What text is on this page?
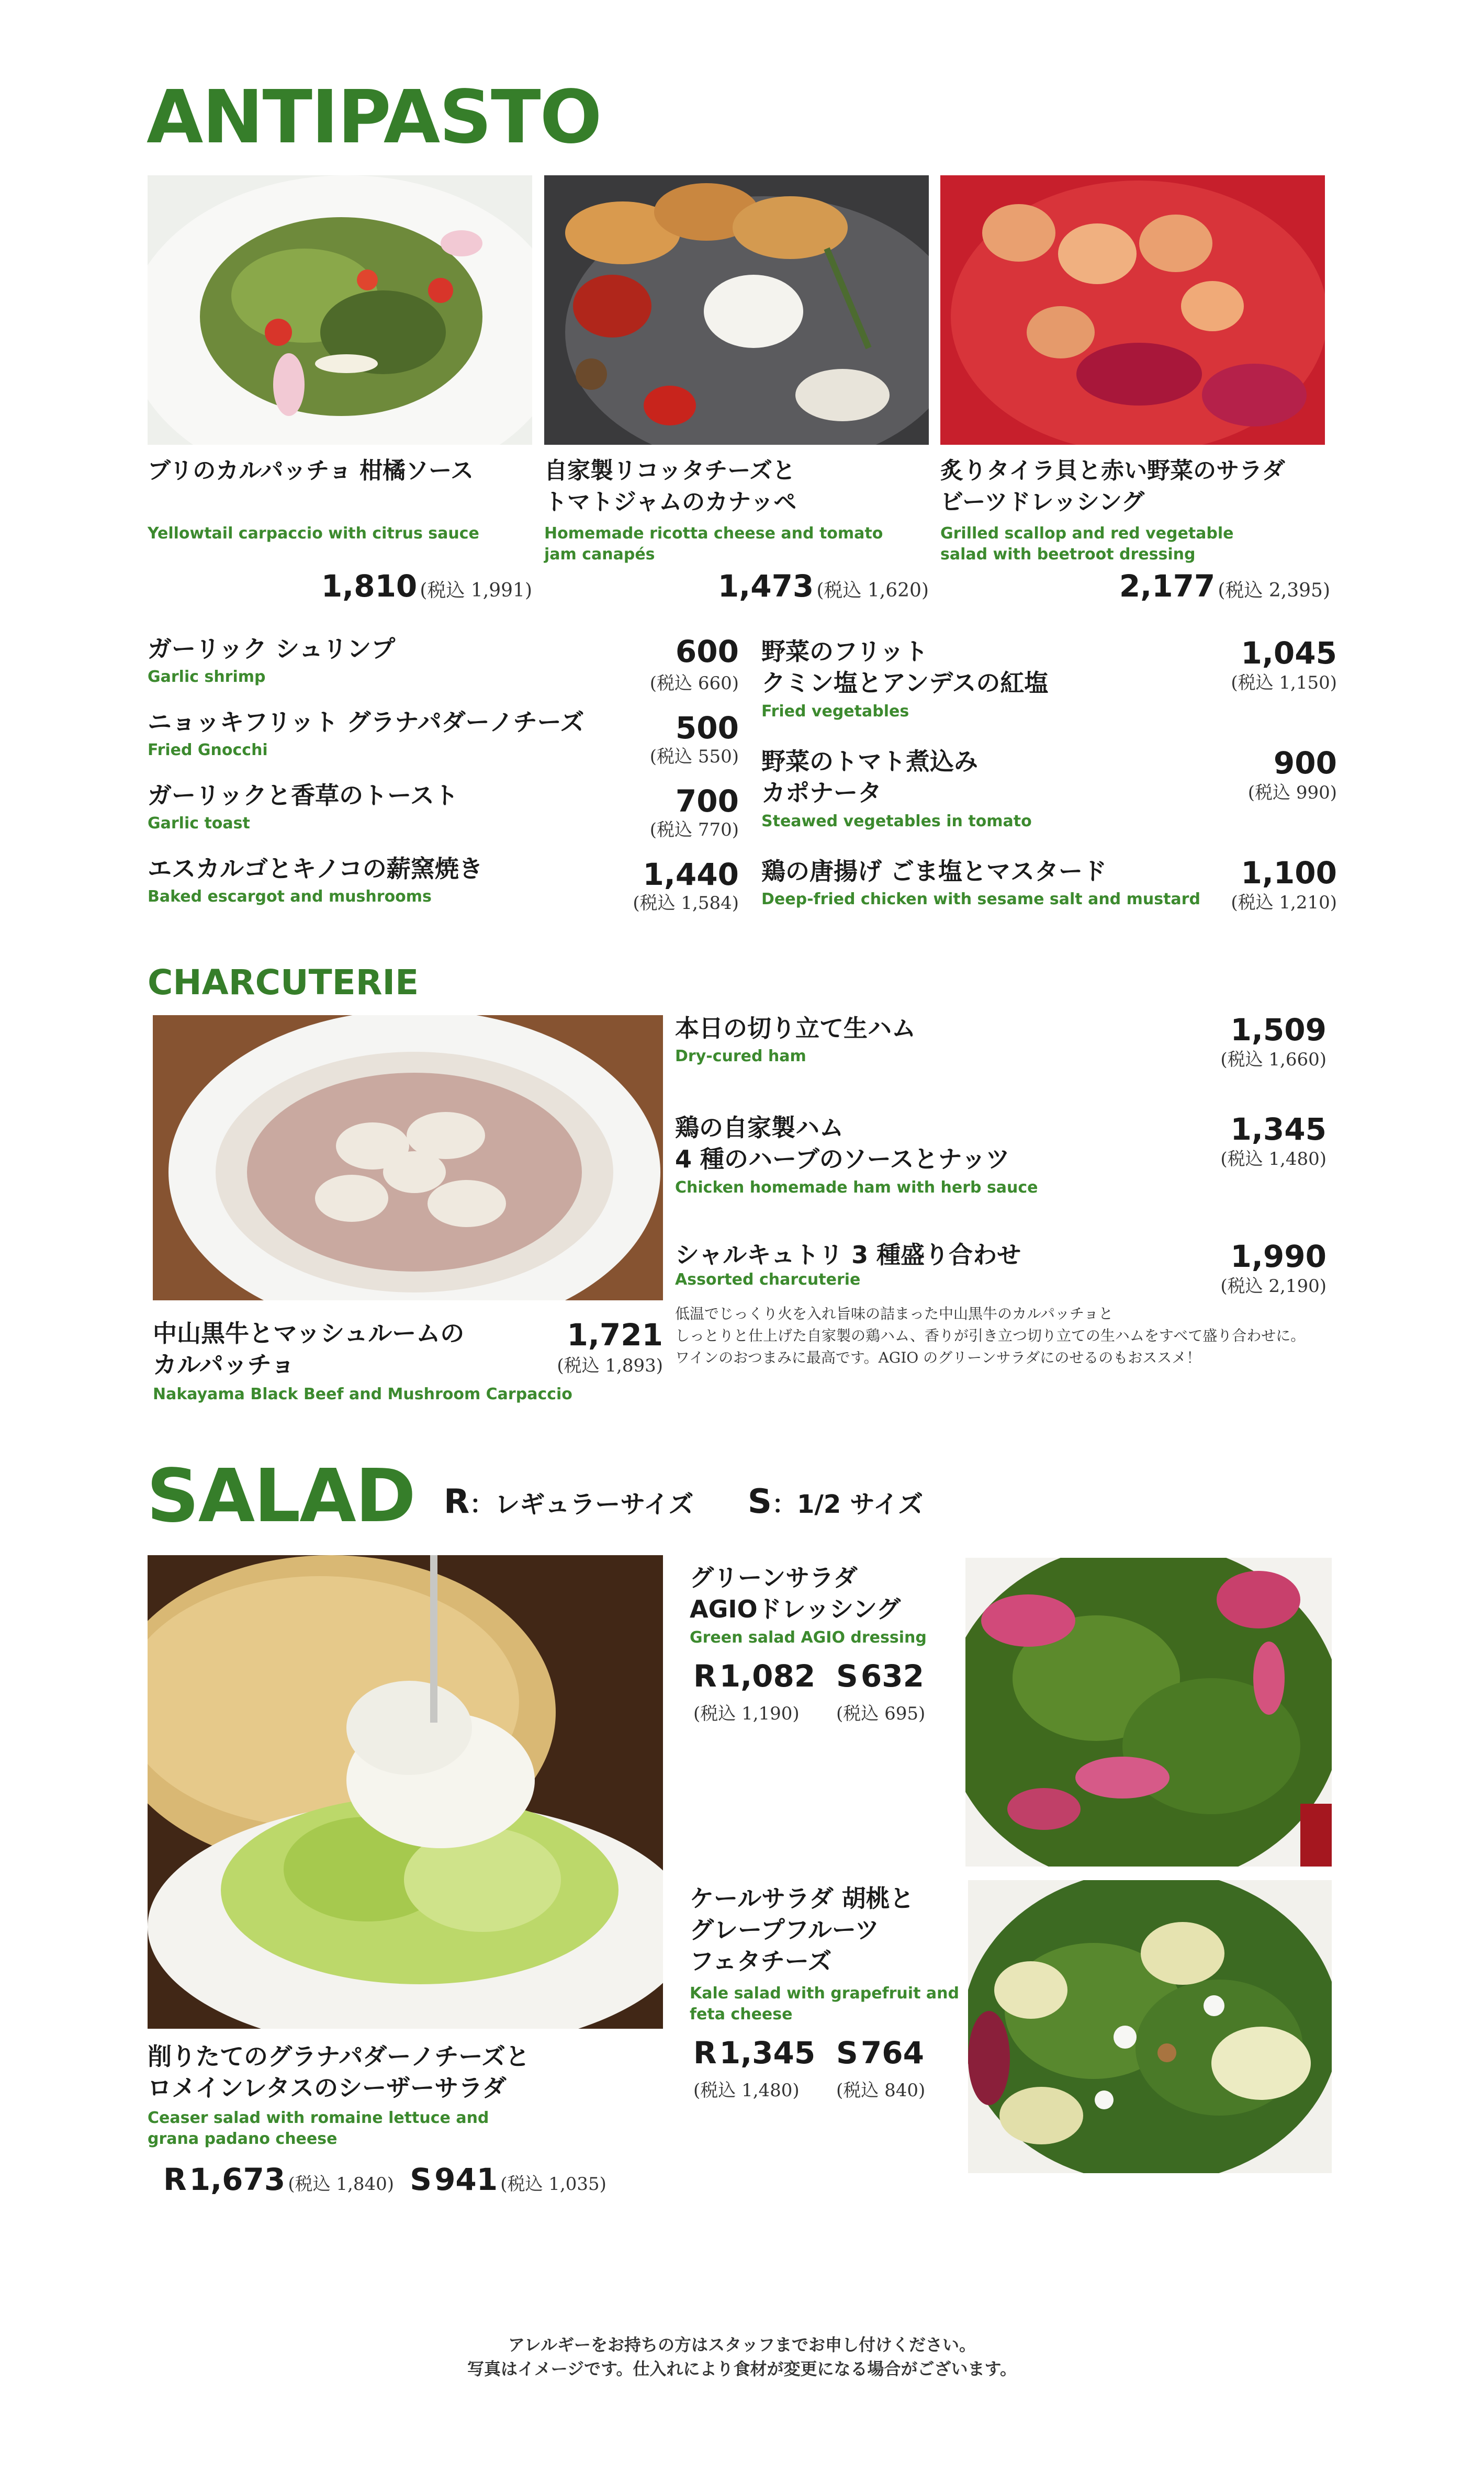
ANTIPASTO
ブリのカルパッチョ 柑橘ソース
Yellowtail carpaccio with citrus sauce
1,810 (税込 1,991)
自家製リコッタチーズと
トマトジャムのカナッペ
Homemade ricotta cheese and tomato
jam canapés
1,473 (税込 1,620)
炙りタイラ貝と赤い野菜のサラダ
ビーツドレッシング
Grilled scallop and red vegetable
salad with beetroot dressing
2,177 (税込 2,395)
ガーリック シュリンプ
Garlic shrimp
600
(税込 660)
ニョッキフリット グラナパダーノチーズ
Fried Gnocchi
500
(税込 550)
ガーリックと香草のトースト
Garlic toast
700
(税込 770)
エスカルゴとキノコの薪窯焼き
Baked escargot and mushrooms
1,440
(税込 1,584)
野菜のフリット
クミン塩とアンデスの紅塩
Fried vegetables
1,045
(税込 1,150)
野菜のトマト煮込み
カポナータ
Steawed vegetables in tomato
900
(税込 990)
鶏の唐揚げ ごま塩とマスタード
Deep-fried chicken with sesame salt and mustard
1,100
(税込 1,210)
CHARCUTERIE
中山黒牛とマッシュルームの
カルパッチョ
Nakayama Black Beef and Mushroom Carpaccio
1,721
(税込 1,893)
本日の切り立て生ハム
Dry-cured ham
1,509
(税込 1,660)
鶏の自家製ハム
4 種のハーブのソースとナッツ
Chicken homemade ham with herb sauce
1,345
(税込 1,480)
シャルキュトリ 3 種盛り合わせ
Assorted charcuterie
1,990
(税込 2,190)
低温でじっくり火を入れ旨味の詰まった中山黒牛のカルパッチョと
しっとりと仕上げた自家製の鶏ハム、香りが引き立つ切り立ての生ハムをすべて盛り合わせに。
ワインのおつまみに最高です。AGIO のグリーンサラダにのせるのもおススメ！
SALAD R：レギュラーサイズ S：1/2 サイズ
削りたてのグラナパダーノチーズと
ロメインレタスのシーザーサラダ
Ceaser salad with romaine lettuce and
grana padano cheese
R 1,673 (税込 1,840) S 941 (税込 1,035)
グリーンサラダ
AGIOドレッシング
Green salad AGIO dressing
R 1,082
(税込 1,190)
S 632
(税込 695)
ケールサラダ 胡桃と
グレープフルーツ
フェタチーズ
Kale salad with grapefruit and
feta cheese
R 1,345
(税込 1,480)
S 764
(税込 840)
アレルギーをお持ちの方はスタッフまでお申し付けください。
写真はイメージです。仕入れにより食材が変更になる場合がございます。
